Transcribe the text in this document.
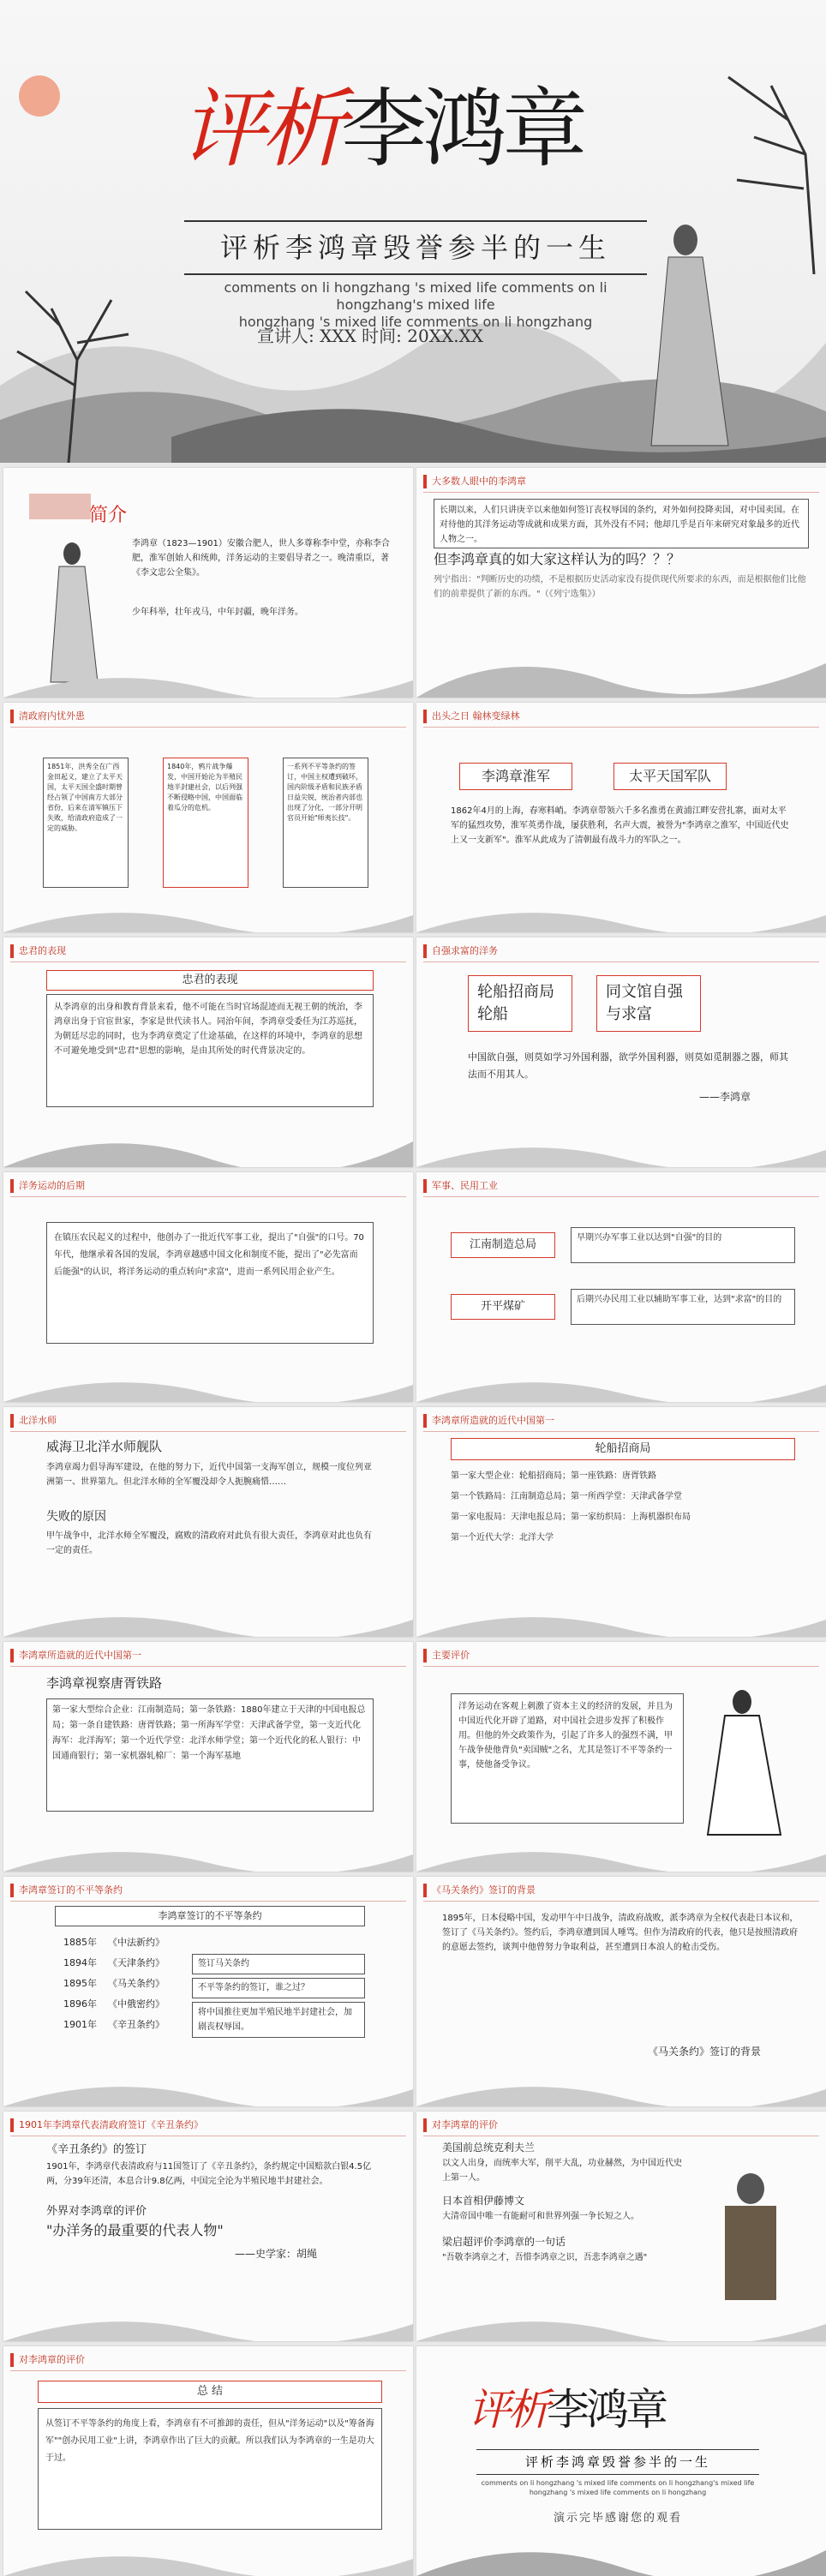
评析李鸿章
评析李鸿章毁誉参半的一生
comments on li hongzhang 's mixed life comments on li hongzhang's mixed life
hongzhang 's mixed life comments on li hongzhang
宣讲人: XXX 时间: 20XX.XX
简介
李鸿章（1823—1901）安徽合肥人，世人多尊称李中堂，亦称李合肥，淮军创始人和统帅，洋务运动的主要倡导者之一。晚清重臣，著《李文忠公全集》。
少年科举，壮年戎马，中年封疆，晚年洋务。
大多数人眼中的李鸿章
长期以来，人们只讲庚辛以来他如何签订丧权辱国的条约，对外如何投降卖国，对中国卖国。在对待他的其洋务运动等成就和成果方面，其外没有不同；他却几乎是百年来研究对象最多的近代人物之一。
但李鸿章真的如大家这样认为的吗？？？
列宁指出："判断历史的功绩，不是根据历史活动家没有提供现代所要求的东西，而是根据他们比他们的前辈提供了新的东西。"（《列宁选集》）
清政府内忧外患
1851年，洪秀全在广西金田起义，建立了太平天国，太平天国全盛时期曾经占领了中国南方大部分省份，后来在清军镇压下失败，给清政府造成了一定的威胁。
1840年，鸦片战争爆发，中国开始沦为半殖民地半封建社会，以后列强不断侵略中国，中国面临着瓜分的危机。
一系列不平等条约的签订，中国主权遭到破坏，国内阶级矛盾和民族矛盾日益尖锐，统治者内部也出现了分化，一部分开明官员开始"师夷长技"。
出头之日 翰林变绿林
李鸿章淮军	太平天国军队
1862年4月的上海，春寒料峭。李鸿章带领六千多名淮勇在黄浦江畔安营扎寨，面对太平军的猛烈攻势，淮军英勇作战，屡获胜利，名声大震，被誉为"李鸿章之淮军，中国近代史上又一支新军"。淮军从此成为了清朝最有战斗力的军队之一。
忠君的表现
忠君的表现
从李鸿章的出身和教育背景来看，他不可能在当时官场混迹而无视王朝的统治，李鸿章出身于官宦世家，李家是世代读书人。同治年间，李鸿章受委任为江苏巡抚，为朝廷尽忠的同时，也为李鸿章奠定了仕途基础，在这样的环境中，李鸿章的思想不可避免地受到"忠君"思想的影响，是由其所处的时代背景决定的。
自强求富的洋务
轮船招商局轮船
同文馆自强与求富
中国欲自强，则莫如学习外国利器，欲学外国利器，则莫如觅制器之器，师其法而不用其人。
——李鸿章
洋务运动的后期
在镇压农民起义的过程中，他创办了一批近代军事工业，提出了"自强"的口号。70年代，他继承着各国的发展，李鸿章越感中国文化和制度不能，提出了"必先富而后能强"的认识，将洋务运动的重点转向"求富"，进而一系列民用企业产生。
军事、民用工业
江南制造总局
早期兴办军事工业以达到"自强"的目的
开平煤矿
后期兴办民用工业以辅助军事工业，达到"求富"的目的
北洋水师
威海卫北洋水师舰队
李鸿章竭力倡导海军建设，在他的努力下，近代中国第一支海军创立，规模一度位列亚洲第一、世界第九。但北洋水师的全军覆没却令人扼腕痛惜……
失败的原因
甲午战争中，北洋水师全军覆没，腐败的清政府对此负有很大责任，李鸿章对此也负有一定的责任。
李鸿章所造就的近代中国第一
轮船招商局
第一家大型企业：轮船招商局；第一座铁路：唐胥铁路
第一个铁路局：江南制造总局；第一所西学堂：天津武备学堂
第一家电报局：天津电报总局；第一家纺织局：上海机器织布局
第一个近代大学：北洋大学
李鸿章所造就的近代中国第一
李鸿章视察唐胥铁路
第一家大型综合企业：江南制造局；第一条铁路：1880年建立于天津的中国电报总局；第一条自建铁路：唐胥铁路；第一所海军学堂：天津武备学堂，第一支近代化海军：北洋海军；第一个近代学堂：北洋水师学堂；第一个近代化的私人银行：中国通商银行；第一家机器轧棉厂：第一个海军基地
主要评价
洋务运动在客观上刺激了资本主义的经济的发展，并且为中国近代化开辟了道路，对中国社会进步发挥了积极作用。但他的外交政策作为，引起了许多人的强烈不满，甲午战争使他背负"卖国贼"之名，尤其是签订不平等条约一事，使他备受争议。
李鸿章签订的不平等条约
李鸿章签订的不平等条约
1885年 《中法新约》
1894年 《天津条约》
1895年 《马关条约》
1896年 《中俄密约》
1901年 《辛丑条约》
签订马关条约
不平等条约的签订，谁之过？
将中国推往更加半殖民地半封建社会，加剧丧权辱国。
《马关条约》签订的背景
1895年，日本侵略中国，发动甲午中日战争，清政府战败，派李鸿章为全权代表赴日本议和，签订了《马关条约》。签约后，李鸿章遭到国人唾骂。但作为清政府的代表，他只是按照清政府的意愿去签约，谈判中他曾努力争取利益，甚至遭到日本浪人的枪击受伤。
《马关条约》签订的背景
1901年李鸿章代表清政府签订《辛丑条约》
《辛丑条约》的签订
1901年，李鸿章代表清政府与11国签订了《辛丑条约》，条约规定中国赔款白银4.5亿两，分39年还清，本息合计9.8亿两，中国完全沦为半殖民地半封建社会。
外界对李鸿章的评价
"办洋务的最重要的代表人物"
——史学家：胡绳
对李鸿章的评价
美国前总统克利夫兰
以文人出身，而统率大军，削平大乱，功业赫然，为中国近代史上第一人。
日本首相伊藤博文
大清帝国中唯一有能耐可和世界列强一争长短之人。
梁启超评价李鸿章的一句话
"吾敬李鸿章之才，吾惜李鸿章之识，吾悲李鸿章之遇"
对李鸿章的评价
总 结
从签订不平等条约的角度上看，李鸿章有不可推卸的责任，但从"洋务运动"以及"筹备海军""创办民用工业"上讲，李鸿章作出了巨大的贡献。所以我们认为李鸿章的一生是功大于过。
评析李鸿章
评析李鸿章毁誉参半的一生
comments on li hongzhang 's mixed life comments on li hongzhang's mixed life hongzhang 's mixed life comments on li hongzhang
演示完毕感谢您的观看
